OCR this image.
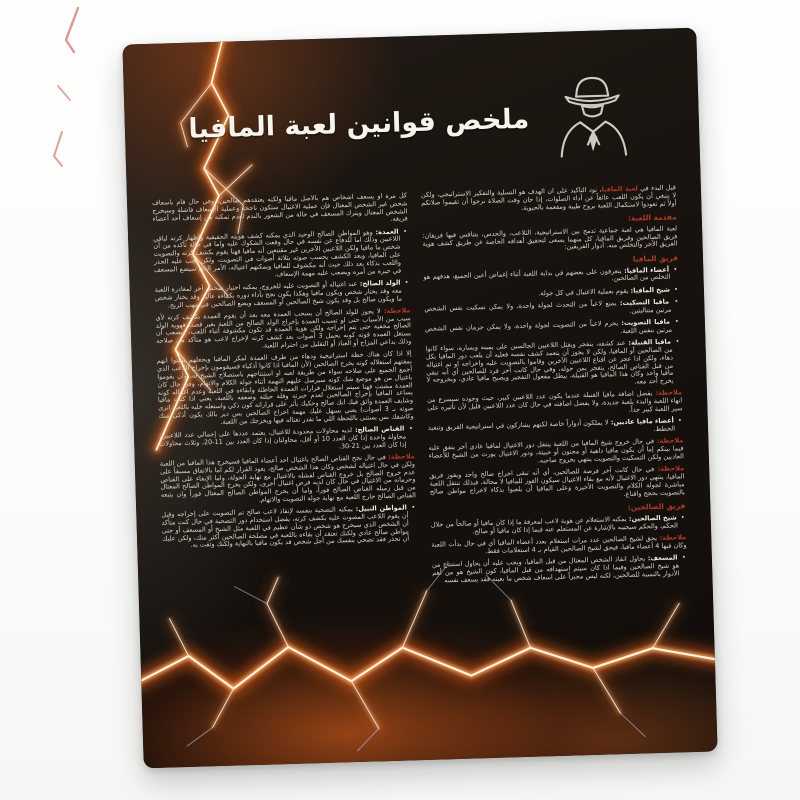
ملخص قوانين لعبة المافيا
قبل البدء في لعبة المافيا، نود التأكيد على أن الهدف هو التسلية والتفكير الاستراتيجي، ولكن لا ينبغي أن يكون اللعب عائقاً عن أداء الصلوات، إذا حان وقت الصلاة نرجوا أن تقيموا صلاتكم أولاً ثم تعودوا لاستكمال اللعبة بروح طيبة ومفعمة بالحيوية.
مقدمة اللعبة:
لعبة المافيا هي لعبة جماعية تدمج بين الاستراتيجية، التلاعب، والحدس، يتنافس فيها فريقان: فريق الصالحين وفريق المافيا، كل منهما يسعى لتحقيق أهدافه الخاصة عن طريق كشف هوية الفريق الآخر والتخلص منه. أدوار الفريقين:
فريق المافيا
• أعضاء المافيا: يتعرفون على بعضهم في بداية اللعبة أثناء إغماض أعين الجميع، هدفهم هو التخلص من الصالحين.
• شيخ المافيا: يقوم بعملية الاغتيال في كل جولة.
• مافيا التسكيت: يمنع لاعباً من التحدث لجولة واحدة، ولا يمكن تسكيت نفس الشخص مرتين متتاليتين.
• مافيا التصويت: يحرم لاعباً من التصويت لجولة واحدة، ولا يمكن حرمان نفس الشخص مرتين بنفس اللعبة.
• مافيا القنبلة: عند كشفه، ينفجر ويقتل اللاعبين الجالسين على يمينه ويساره، سواء كانوا من الصالحين أو المافيا، ولكن لا يجوز أن يتعمد كشف نفسه فعليه أن يلعب دور المافيا بكل دهاء، ولكن اذا عجز عن اقناع اللاعبين الآخرين وقاموا بالتصويت عليه واخراجه او تم اغتياله من قبل القناص الصالح، ينفجر بمن حوله، وفي حال كانت آخر فرد للصالحين أي أنه تبقى مافيا واحد وكان هذا المافيا هو القنبلة، يبطل مفعول التفجير ويصبح مافيا عادي، وبخروجه لا يخرج أحد معه.
ملاحظة: يفضل اضافة مافيا القنبلة عندما يكون عدد اللاعبين كبير، حيث وجوده سيسرع من انهاء اللعبة والبدء بلعبة جديدة، ولا يفضل اضافته في حال كان عدد اللاعبين قليل لأن تأثيره على سير اللعبة كبير جداً.
• أعضاء مافيا عاديين: لا يملكون أدواراً خاصة لكنهم يشاركون في استراتيجية الفريق وتنفيذ الخطط.
ملاحظة: في حال خروج شيخ المافيا من اللعبة ينتقل دور الاغتيال لمافيا عادي آخر يتفق عليه فيما بينكم إما أن يكون مافيا داهية أو مجنون أو خبيثة، ودور الاغتيال يورث من الشيخ للأعضاء العاديين ولكن التسكيت والتصويت ينتهي بخروج صاحبه.
ملاحظة: في حال كانت آخر فرصة للصالحين، أي أنه تبقى اخراج صالح واحد ويفوز فريق المافيا، ينتهي دور الاغتيال لأنه مع بقاء الاغتيال سيكون الفوز للمافيا لا محالة، فبذلك تنتقل اللعبة مباشرة لجولة الكلام والتصويت الأخيرة وعلى المافيا أن يلعبوا بذكاء لاخراج مواطن صالح بالتصويت بحجج واقناع.
فريق الصالحين:
• شيخ الصالحين: يمكنه الاستعلام عن هوية لاعب لمعرفة ما إذا كان مافيا أو صالحاً من خلال الحكم، والحكم سيجيبه بالإشارة عن المستعلم عنه فيما إذا كان مافيا أو صالح.
ملاحظة: يحق لشيخ الصالحين عدد مرات استعلام بعدد أعضاء المافيا أي في حال بدأت اللعبة وكان فيها 4 أعضاء مافيا، فيحق لشيخ الصالحين القيام بـ 4 استعلامات فقط.
• المسعف: يحاول انقاذ الشخص المغتال من قبل المافيا، ويجب عليه أن يحاول استنتاج من هو شيخ الصالحين وفيما اذا كان سيتم استهدافه من قبل المافيا، كون الشيخ هو من أهم الأدوار بالنسبة للصالحين، لكنه ليس مجبراً على اسعاف شخص ما بعينه فقد يسعف نفسه
كل مرة او يسعف أشخاص هم بالأصل مافيا ولكنه يعتقدهم صالحين، وفي حال قام باسعاف شخص غير الشخص المغتال فإن عملية الاغتيال ستكون ناجحة وعملية الإسعاف فاشلة وسيخرج الشخص المغتال ويترك المسعف في حالة من الشعور بالندم لعدم تمكنه من إسعاف أحد أعضاء فريقه.
• العمدة: وهو المواطن الصالح الوحيد الذي يمكنه كشف هويته الحقيقية وإظهار كرته لباقي اللاعبين وذلك اما للدفاع عن نفسه في حال وقعت الشكوك عليه واما في حالة تأكده من أن شخص ما مافيا ولكن اللاعبين الآخرين غير مقتنعين أنه مافيا فهنا يقوم بكشف كرته والتصويت على المافيا، وبعد الكشف يحسب صوته بثلاثة أصوات في التصويت، ولكن يجب عليه الحذر واللعب بذكاء بعد ذلك حيث أنه مكشوف للمافيا ويمكنهم اغتياله، الأمر الذي سيضع المسعف في حيرة من أمره ويصعب عليه مهمة الإسعاف.
• الولد الصالح: عند اغتياله أو التصويت عليه للخروج، يمكنه اختيار شخص آخر لمغادرة اللعبة معه وقد يختار شخص ويكون مافيا وهكذا يكون نجح بأداء دوره بكفاءة عالية وقد يختار شخص ما ويكون صالح بل وقد يكون شيخ الصالحين أو المسعف ويضع الصالحين في مهب الريح.
ملاحظة: لا يجوز للولد الصالح أن يسحب العمدة معه بعد أن يقوم العمدة بكشف كرته لأي سبب من الأسباب حتى لو تسبب العمدة بإخراج الولد الصالح من اللعبة بغير قصد، فهوية الولد الصالح مخفية حتى يتم إخراجه ولكن هوية العمدة قد تكون مكشوفة أثناء اللعب، ويصعب أن يستغل العمدة قوته كونه يحمل 3 أصوات بعد كشف كرته لإخراج لاعب هو متأكد من صلاحه وذلك بداعي المزاح أو العناد أو التقليل من احترام اللعبة.
إلا اذا كان هناك خطة استراتيجية ودهاء من طرف العمدة لمكر المافيا ويجعلهم يظنوا انهم بمقتهم استغلاله كونه يخرج الصالحين (لأن المافيا اذا كانوا أذكياء فسيقومون بإخراج اللاعب الذي أجمع الجميع على صلاحه سواء من طريقة لعبه او استنتاجهم باستصلاح الشيخ له، وان يقوموا باغتيال من هو موضع شك كونه سيرسل عليهم التهمة أثناء جولة الكلام والاتهام، وفي حال كان العمدة مشتت فهنا سيتم استغلال قرارات العمدة الخاطئة وابقاءه في اللعبة وعدم اغتياله كونه يساعد المافيا بإخراج الصالحين لعدم خبرته وقلة حيلته وضعفه باللعبة، يعني اذا كنت مافيا وشايف العمدة واثق فيك انك صالح وحكيك بأثر على قراراته كون ذكي واستغله خليه باللعبة اترى صوته بـ 3 أصوات) يعني بسهل عليك مهمة اخراج الصالحين بس دير بالك يكون أذكى منك وكاشفك بس بستنى باللحظة اللي ما تقدر تغتاله فيها ويخرجك من اللعبة.
• القناص الصالح: لديه محاولات محدودة للاغتيال، يعتمد عددها على إجمالي عدد اللاعبين: محاولة واحدة إذا كان العدد 10 أو أقل، محاولتان إذا كان العدد بين 11-20، وثلاث محاولات إذا كان العدد بين 21-30.
ملاحظة: في حال نجح القناص الصالح باغتيال احد أعضاء المافيا فسيخرج هذا المافيا من اللعبة ولكن في حال اغتياله لشخص وكان هذا الشخص صالح، يعود القرار لكم اما بالاتفاق مسبقاً على عدم خروج الصالح بل خروج القناص لفشله بالاغتيال مع نهاية الجولة، واما الإبقاء على القناص وحرمانه من الاغتيال في حال كان لديه فرص اغتيال أخرى، ولكن يخرج المواطن الصالح المغتال من قبل زميله القناص الصالح فوراً، واما أن يخرج المواطن الصالح المغتال فوراً وان يتبعه القناص الصالح خارج اللعبة مع نهاية جولة التصويت والاتهام.
• المواطن النبيل: يمكنه التضحية بنفسه لإنقاذ لاعب صالح تم التصويت على إخراجه وقبل أن يقوم اللاعب المصوت عليه بكشف كرته، يفضل استخدام دور التضحية في حال كنت متأكد أن الشخص الذي سيخرج هو شخص ذو شأن عظيم في اللعبة مثل الشيخ أو المسعف أو حتى مواطن صالح عادي ولكنك تعتقد أن بقاءه باللعبة في مصلحة الصالحين أكثر منك، ولكن عليك أن تحذر فقد تضحي بنفسك من أجل شخص قد يكون مافيا بالنهاية ولكنك وثقت به.
